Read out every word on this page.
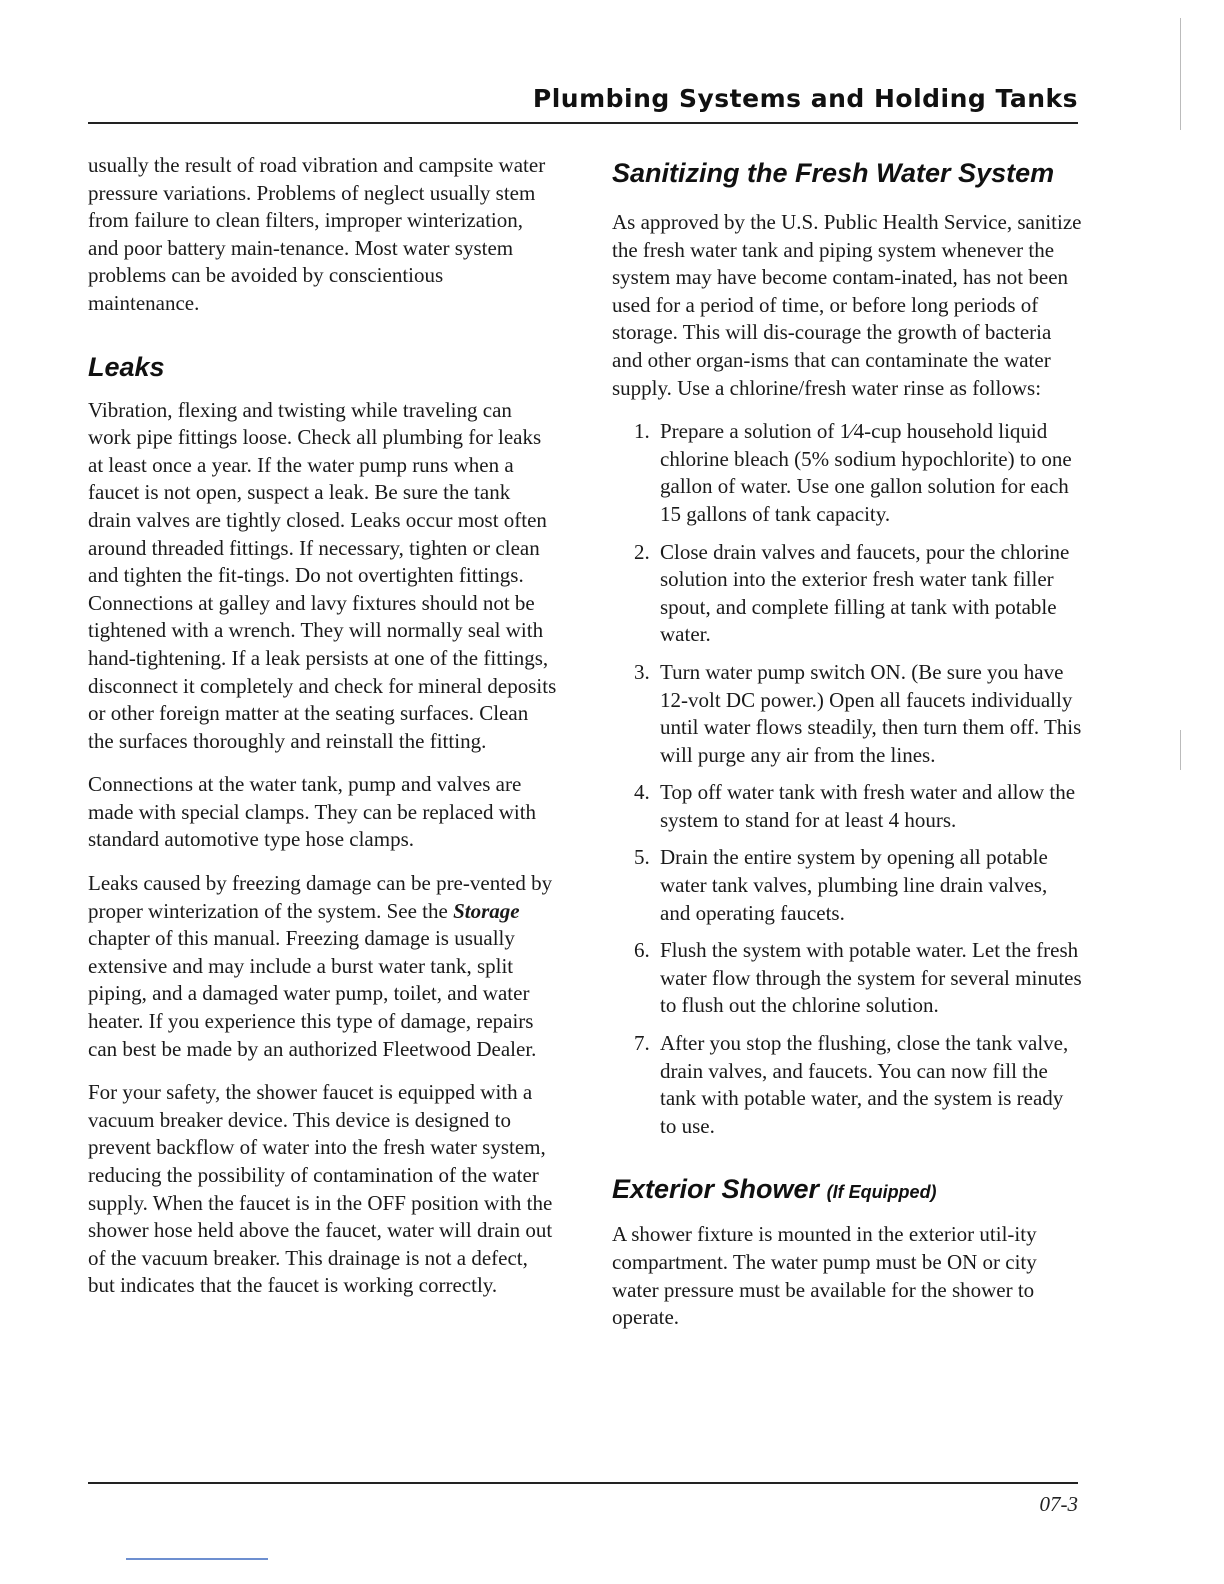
Plumbing Systems and Holding Tanks

usually the result of road vibration and campsite water pressure variations. Problems of neglect usually stem from failure to clean filters, improper winterization, and poor battery main-tenance. Most water system problems can be avoided by conscientious maintenance.

Leaks

Vibration, flexing and twisting while traveling can work pipe fittings loose. Check all plumbing for leaks at least once a year. If the water pump runs when a faucet is not open, suspect a leak. Be sure the tank drain valves are tightly closed. Leaks occur most often around threaded fittings. If necessary, tighten or clean and tighten the fit-tings. Do not overtighten fittings. Connections at galley and lavy fixtures should not be tightened with a wrench. They will normally seal with hand-tightening. If a leak persists at one of the fittings, disconnect it completely and check for mineral deposits or other foreign matter at the seating surfaces. Clean the surfaces thoroughly and reinstall the fitting.

Connections at the water tank, pump and valves are made with special clamps. They can be replaced with standard automotive type hose clamps.

Leaks caused by freezing damage can be pre-vented by proper winterization of the system. See the Storage chapter of this manual. Freezing damage is usually extensive and may include a burst water tank, split piping, and a damaged water pump, toilet, and water heater. If you experience this type of damage, repairs can best be made by an authorized Fleetwood Dealer.

For your safety, the shower faucet is equipped with a vacuum breaker device. This device is designed to prevent backflow of water into the fresh water system, reducing the possibility of contamination of the water supply. When the faucet is in the OFF position with the shower hose held above the faucet, water will drain out of the vacuum breaker. This drainage is not a defect, but indicates that the faucet is working correctly.

Sanitizing the Fresh Water System

As approved by the U.S. Public Health Service, sanitize the fresh water tank and piping system whenever the system may have become contam-inated, has not been used for a period of time, or before long periods of storage. This will dis-courage the growth of bacteria and other organ-isms that can contaminate the water supply. Use a chlorine/fresh water rinse as follows:

1. Prepare a solution of 1⁄4-cup household liquid chlorine bleach (5% sodium hypochlorite) to one gallon of water. Use one gallon solution for each 15 gallons of tank capacity.
2. Close drain valves and faucets, pour the chlorine solution into the exterior fresh water tank filler spout, and complete filling at tank with potable water.
3. Turn water pump switch ON. (Be sure you have 12-volt DC power.) Open all faucets individually until water flows steadily, then turn them off. This will purge any air from the lines.
4. Top off water tank with fresh water and allow the system to stand for at least 4 hours.
5. Drain the entire system by opening all potable water tank valves, plumbing line drain valves, and operating faucets.
6. Flush the system with potable water. Let the fresh water flow through the system for several minutes to flush out the chlorine solution.
7. After you stop the flushing, close the tank valve, drain valves, and faucets. You can now fill the tank with potable water, and the system is ready to use.
Exterior Shower (If Equipped)

A shower fixture is mounted in the exterior util-ity compartment. The water pump must be ON or city water pressure must be available for the shower to operate.

07-3
